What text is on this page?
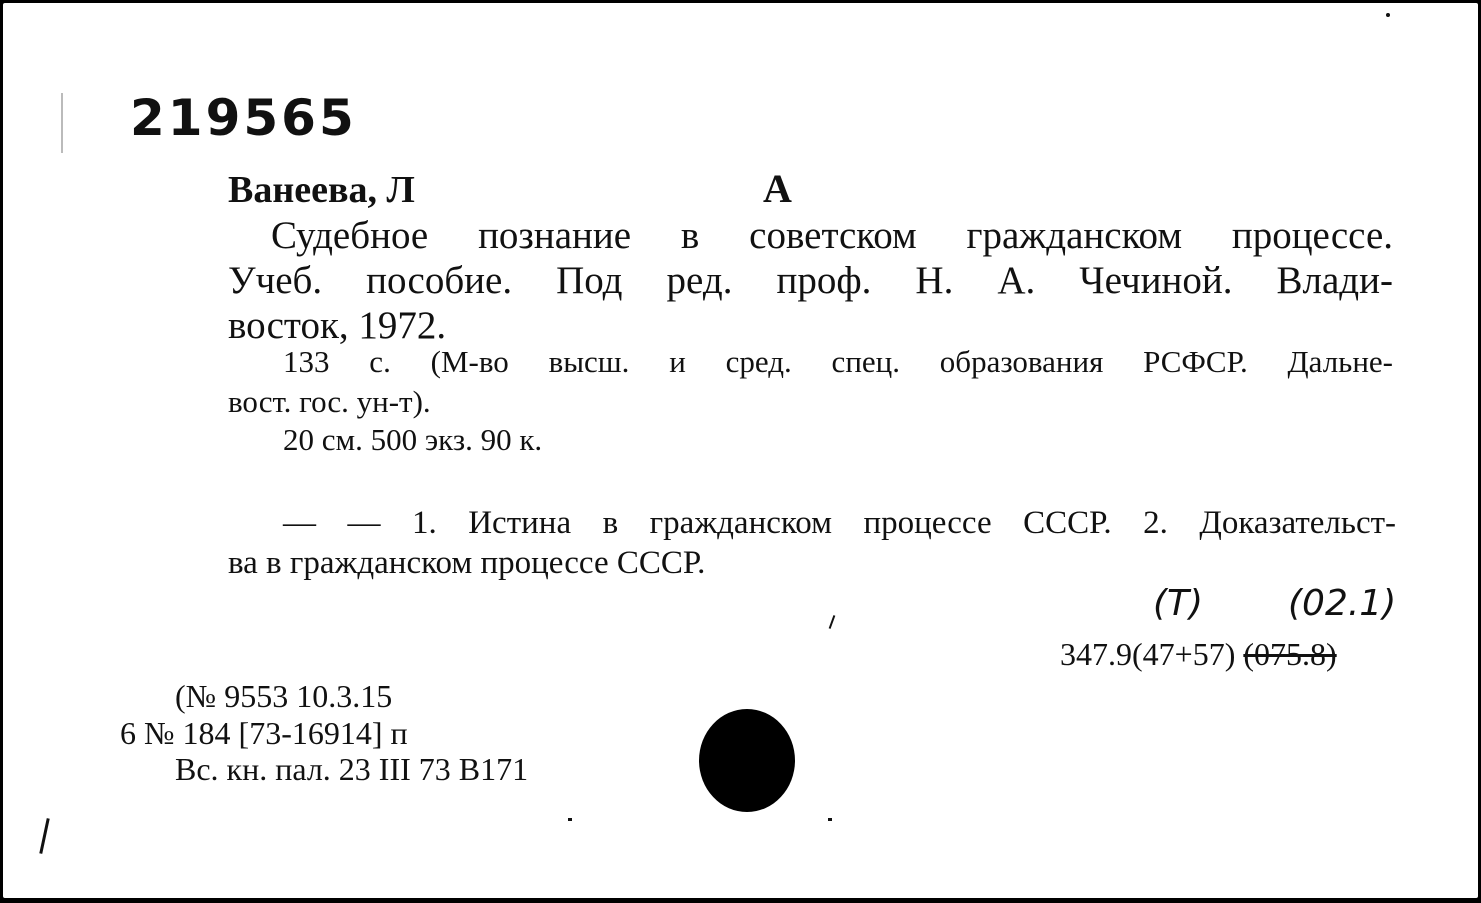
219565
Ванеева, Л	А
Судебное познание в советском гражданском процессе.
Учеб. пособие. Под ред. проф. Н. А. Чечиной. Влади-
восток, 1972.
133 с. (М-во высш. и сред. спец. образования РСФСР. Дальне-
вост. гос. ун-т).
20 см. 500 экз. 90 к.
— — 1. Истина в гражданском процессе СССР. 2. Доказательст-
ва в гражданском процессе СССР.
(Т) (02.1)
347.9(47+57) (075.8)
(№ 9553 10.3.15
6 № 184 [73-16914] п
Вс. кн. пал. 23 III 73 В171
